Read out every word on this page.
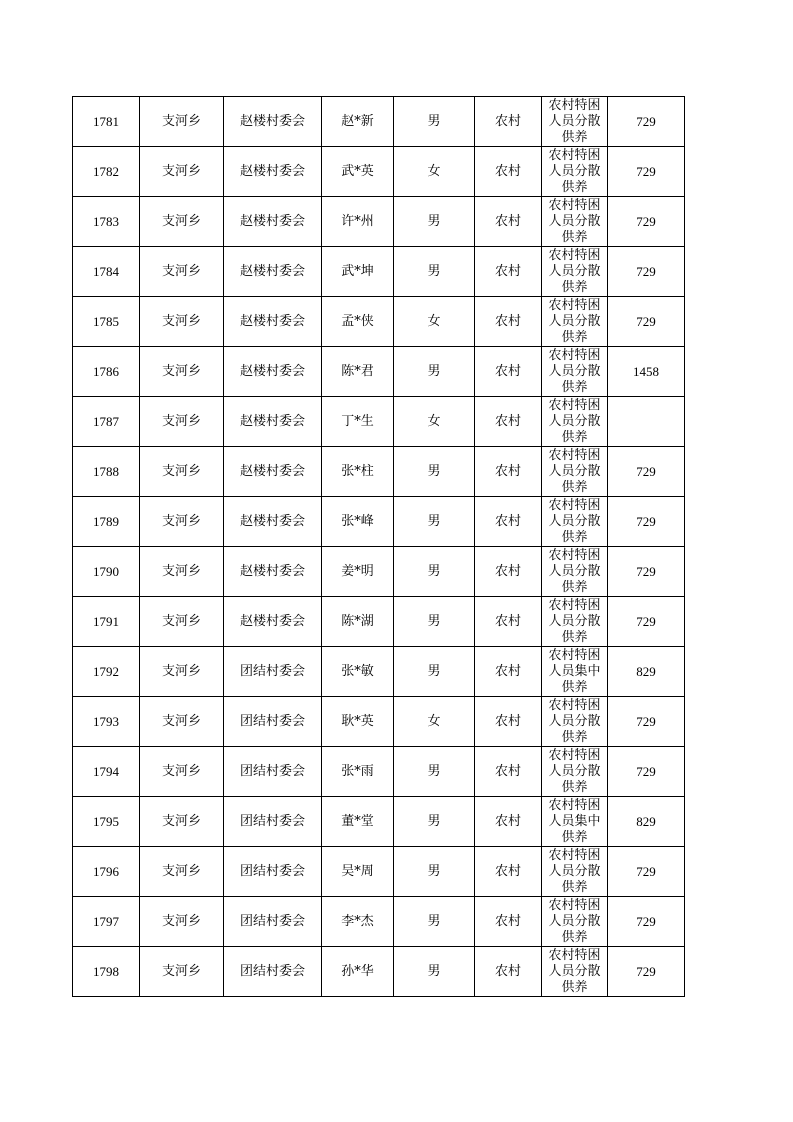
1781	支河乡	赵楼村委会	赵*新	男	农村	农村特困
人员分散
供养	729
1782	支河乡	赵楼村委会	武*英	女	农村	农村特困
人员分散
供养	729
1783	支河乡	赵楼村委会	许*州	男	农村	农村特困
人员分散
供养	729
1784	支河乡	赵楼村委会	武*坤	男	农村	农村特困
人员分散
供养	729
1785	支河乡	赵楼村委会	孟*侠	女	农村	农村特困
人员分散
供养	729
1786	支河乡	赵楼村委会	陈*君	男	农村	农村特困
人员分散
供养	1458
1787	支河乡	赵楼村委会	丁*生	女	农村	农村特困
人员分散
供养	

1788	支河乡	赵楼村委会	张*柱	男	农村	农村特困
人员分散
供养	729
1789	支河乡	赵楼村委会	张*峰	男	农村	农村特困
人员分散
供养	729
1790	支河乡	赵楼村委会	姜*明	男	农村	农村特困
人员分散
供养	729
1791	支河乡	赵楼村委会	陈*湖	男	农村	农村特困
人员分散
供养	729
1792	支河乡	团结村委会	张*敏	男	农村	农村特困
人员集中
供养	829
1793	支河乡	团结村委会	耿*英	女	农村	农村特困
人员分散
供养	729
1794	支河乡	团结村委会	张*雨	男	农村	农村特困
人员分散
供养	729
1795	支河乡	团结村委会	董*堂	男	农村	农村特困
人员集中
供养	829
1796	支河乡	团结村委会	吴*周	男	农村	农村特困
人员分散
供养	729
1797	支河乡	团结村委会	李*杰	男	农村	农村特困
人员分散
供养	729
1798	支河乡	团结村委会	孙*华	男	农村	农村特困
人员分散
供养	729
